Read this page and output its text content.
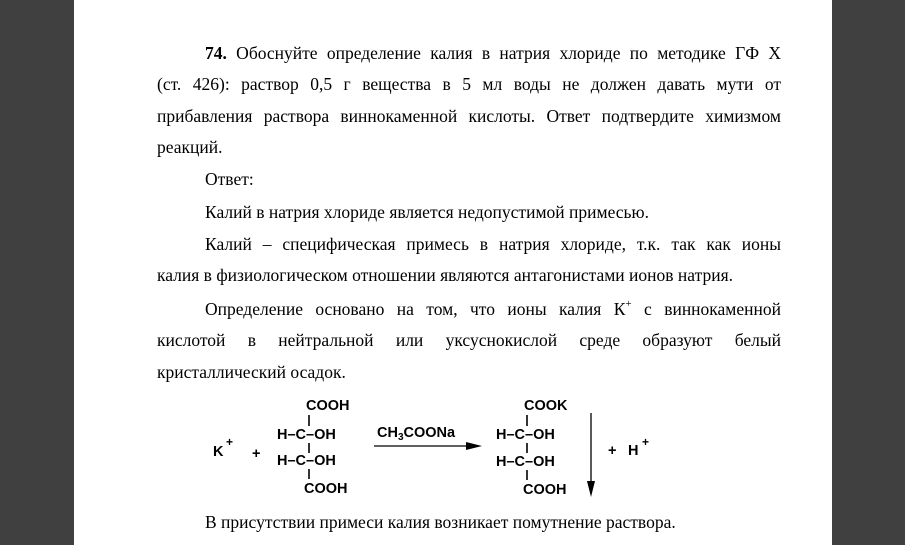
74. Обоснуйте определение калия в натрия хлориде по методике ГФ X

(ст. 426): раствор 0,5 г вещества в 5 мл воды не должен давать мути от

прибавления раствора виннокаменной кислоты. Ответ подтвердите химизмом

реакций.

Ответ:

Калий в натрия хлориде является недопустимой примесью.

Калий – специфическая примесь в натрия хлориде, т.к. так как ионы

калия в физиологическом отношении являются антагонистами ионов натрия.

Определение основано на том, что ионы калия К+ с виннокаменной

кислотой в нейтральной или уксуснокислой среде образуют белый

кристаллический осадок.

K
+
+
COOH
H–C–OH
H–C–OH
COOH
$CH_3COONa$
COOK
H–C–OH
H–C–OH
COOH
+ H
+

В присутствии примеси калия возникает помутнение раствора.
